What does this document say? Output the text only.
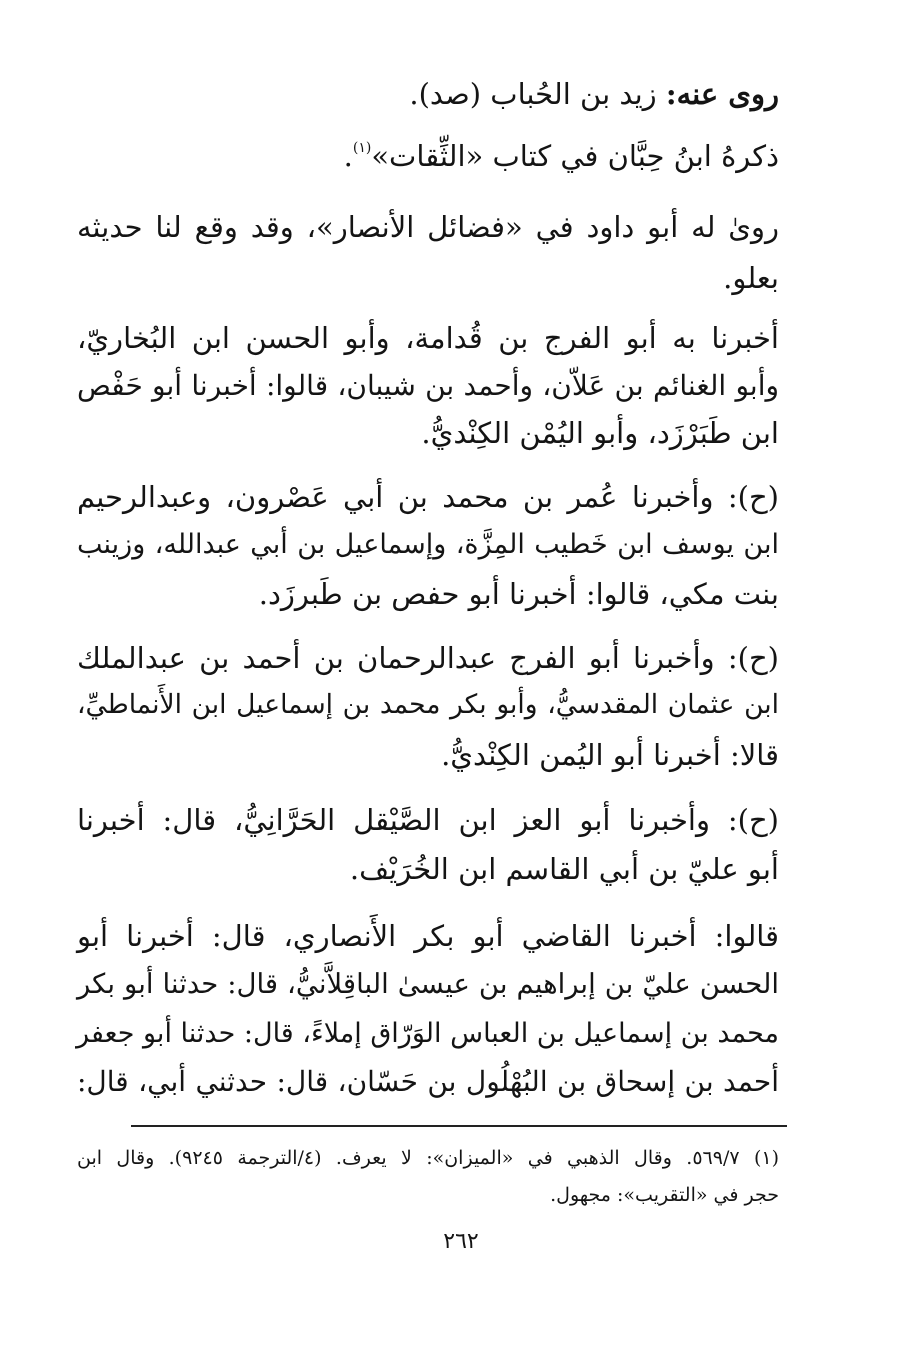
روى عنه: زيد بن الحُباب (صد).
ذكرهُ ابنُ حِبَّان في كتاب «الثِّقات»$^{(١)}$.
روىٰ له أبو داود في «فضائل الأنصار»، وقد وقع لنا حديثه
بعلو.
أخبرنا به أبو الفرج بن قُدامة، وأبو الحسن ابن البُخاريّ،
وأبو الغنائم بن عَلاّن، وأحمد بن شيبان، قالوا: أخبرنا أبو حَفْص
ابن طَبَرْزَد، وأبو اليُمْن الكِنْديُّ.
(ح): وأخبرنا عُمر بن محمد بن أبي عَصْرون، وعبدالرحيم
ابن يوسف ابن خَطيب المِزَّة، وإسماعيل بن أبي عبدالله، وزينب
بنت مكي، قالوا: أخبرنا أبو حفص بن طَبرزَد.
(ح): وأخبرنا أبو الفرج عبدالرحمان بن أحمد بن عبدالملك
ابن عثمان المقدسيُّ، وأبو بكر محمد بن إسماعيل ابن الأَنماطيِّ،
قالا: أخبرنا أبو اليُمن الكِنْديُّ.
(ح): وأخبرنا أبو العز ابن الصَّيْقل الحَرَّانِيُّ، قال: أخبرنا
أبو عليّ بن أبي القاسم ابن الخُرَيْف.
قالوا: أخبرنا القاضي أبو بكر الأَنصاري، قال: أخبرنا أبو
الحسن عليّ بن إبراهيم بن عيسىٰ الباقِلاَّنيُّ، قال: حدثنا أبو بكر
محمد بن إسماعيل بن العباس الوَرّاق إملاءً، قال: حدثنا أبو جعفر
أحمد بن إسحاق بن البُهْلُول بن حَسّان، قال: حدثني أبي، قال:
(١) ٥٦٩/٧. وقال الذهبي في «الميزان»: لا يعرف. (٤/الترجمة ٩٢٤٥). وقال ابن
حجر في «التقريب»: مجهول.
٢٦٢
